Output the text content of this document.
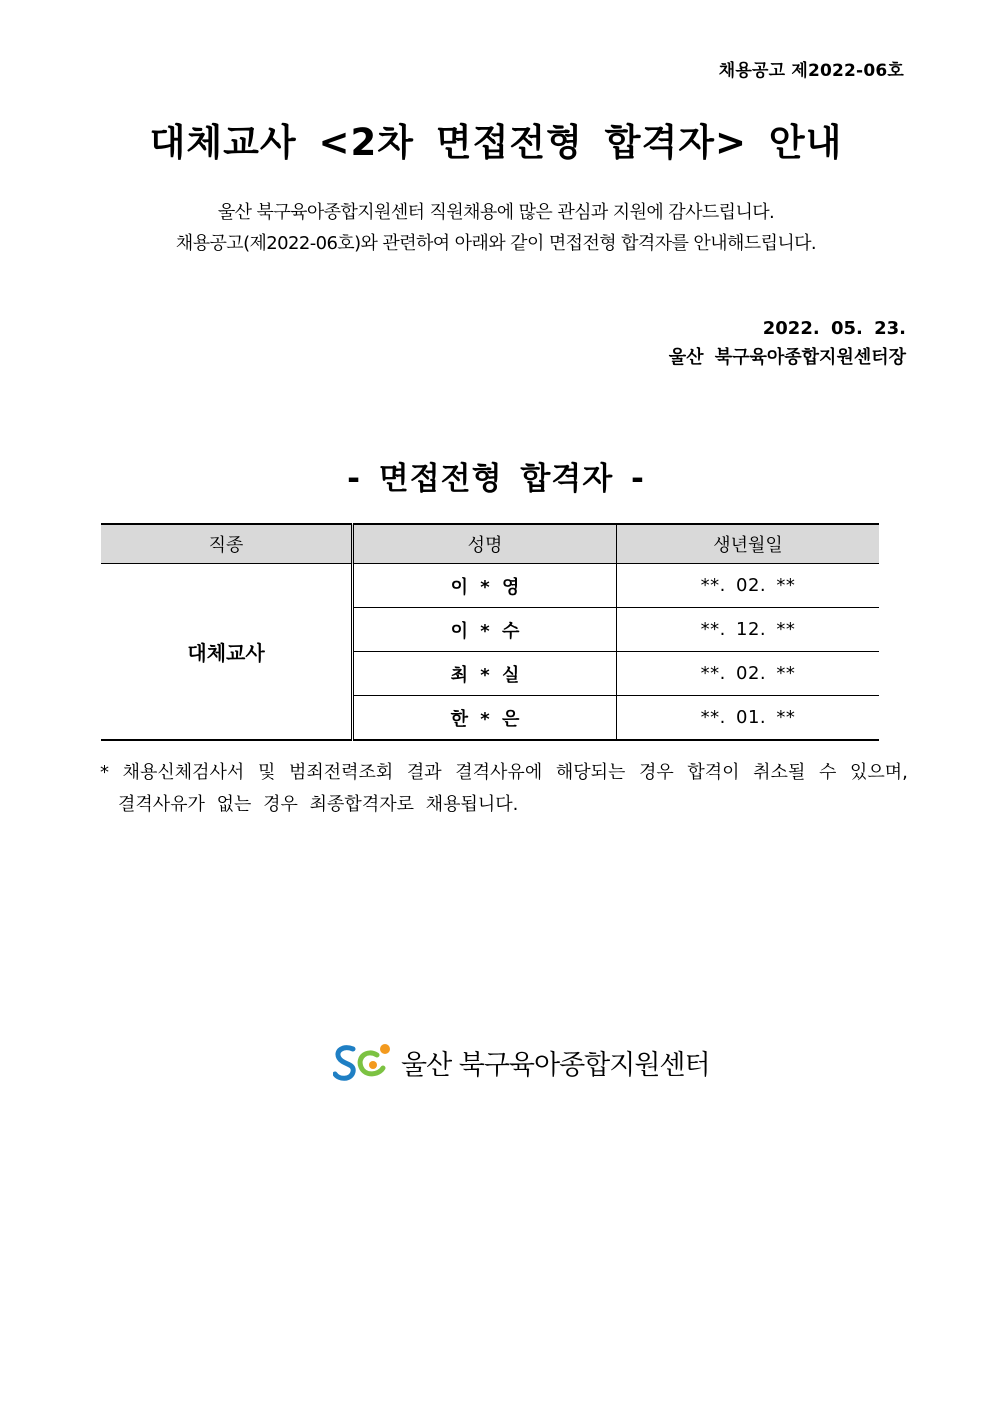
채용공고 제2022-06호
대체교사 <2차 면접전형 합격자> 안내
울산 북구육아종합지원센터 직원채용에 많은 관심과 지원에 감사드립니다.
채용공고(제2022-06호)와 관련하여 아래와 같이 면접전형 합격자를 안내해드립니다.
2022. 05. 23.
울산 북구육아종합지원센터장
- 면접전형 합격자 -
직종	성명	생년월일
대체교사	이 * 영	**. 02. **
	이 * 수	**. 12. **
	최 * 실	**. 02. **
	한 * 은	**. 01. **
* 채용신체검사서 및 범죄전력조회 결과 결격사유에 해당되는 경우 합격이 취소될 수 있으며,
결격사유가 없는 경우 최종합격자로 채용됩니다.
울산 북구육아종합지원센터
